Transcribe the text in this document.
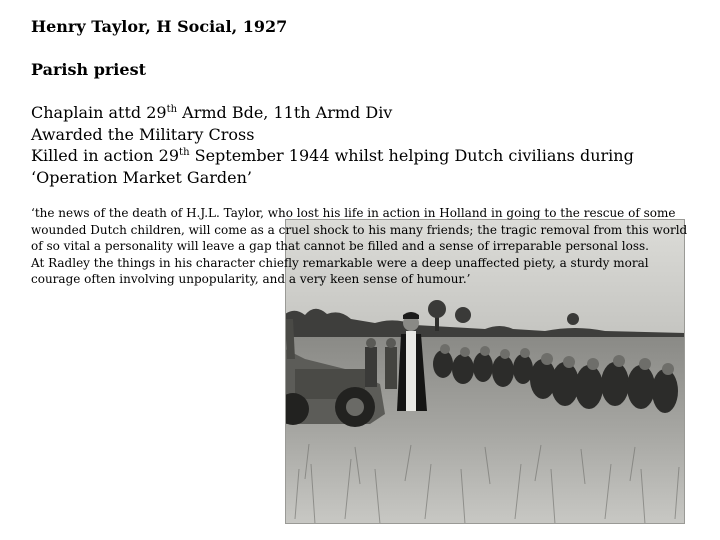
Henry Taylor, H Social, 1927

Parish priest

Chaplain attd 29th Armd Bde, 11th Armd Div
Awarded the Military Cross
Killed in action 29th September 1944 whilst helping Dutch civilians during
‘Operation Market Garden’
‘the news of the death of H.J.L. Taylor, who lost his life in action in Holland in going to the rescue of some
wounded Dutch children, will come as a cruel shock to his many friends; the tragic removal from this world
of so vital a personality will leave a gap that cannot be filled and a sense of irreparable personal loss.
At Radley the things in his character chiefly remarkable were a deep unaffected piety, a sturdy moral
courage often involving unpopularity, and a very keen sense of humour.’
